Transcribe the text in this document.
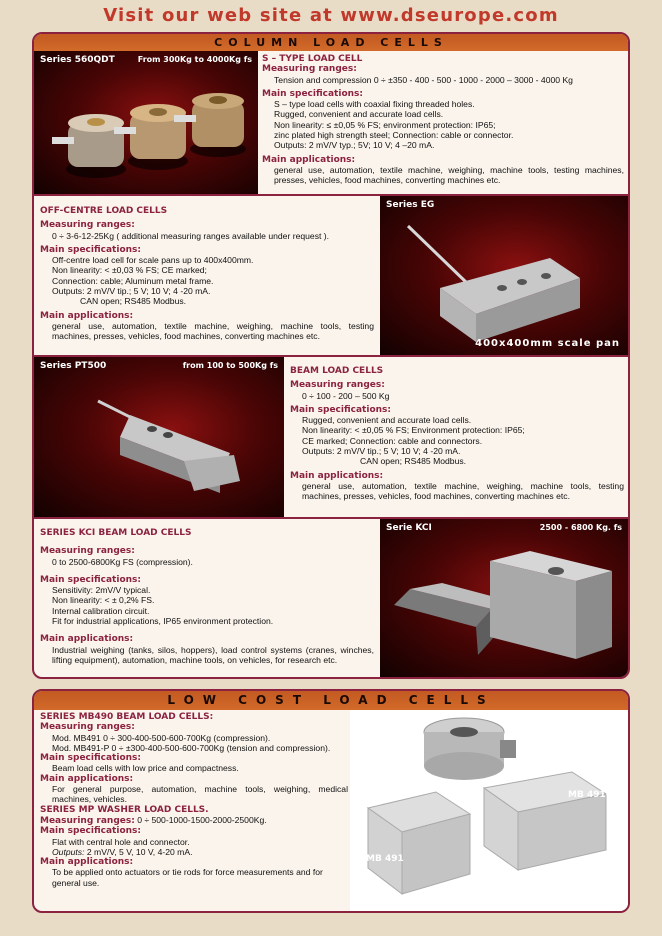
Visit our web site at www.dseurope.com
COLUMN LOAD CELLS
Series 560QDT	From 300Kg to 4000Kg fs S – TYPE LOAD CELL
Measuring ranges:
Tension and compression 0 ÷ ±350 - 400 - 500 - 1000 - 2000 – 3000 - 4000 Kg
Main specifications:
S – type load cells with coaxial fixing threaded holes.
Rugged, convenient and accurate load cells.
Non linearity: ≤ ±0,05 % FS; environment protection: IP65;
zinc plated high strength steel; Connection: cable or connector.
Outputs: 2 mV/V typ.; 5V; 10 V; 4 –20 mA.
Main applications:
general use, automation, textile machine, weighing, machine tools, testing machines, presses, vehicles, food machines, converting machines etc.
OFF-CENTRE LOAD CELLS
Measuring ranges:
0 ÷ 3-6-12-25Kg ( additional measuring ranges available under request ).
Main specifications:
Off-centre load cell for scale pans up to 400x400mm.
Non linearity: < ±0,03 % FS; CE marked;
Connection: cable; Aluminum metal frame.
Outputs: 2 mV/V tip.; 5 V; 10 V; 4 -20 mA.
CAN open; RS485 Modbus.
Main applications:
general use, automation, textile machine, weighing, machine tools, testing machines, presses, vehicles, food machines, converting machines etc.
Series EG
400x400mm scale pan
Series PT500	from 100 to 500Kg fs
BEAM LOAD CELLS
Measuring ranges:
0 ÷ 100 - 200 – 500 Kg
Main specifications:
Rugged, convenient and accurate load cells.
Non linearity: < ±0,05 % FS; Environment protection: IP65;
CE marked; Connection: cable and connectors.
Outputs: 2 mV/V tip.; 5 V; 10 V; 4 -20 mA.
CAN open; RS485 Modbus.
Main applications:
general use, automation, textile machine, weighing, machine tools, testing machines, presses, vehicles, food machines, converting machines etc.
SERIES KCI BEAM LOAD CELLS
Measuring ranges:
0 to 2500-6800Kg FS (compression).
Main specifications:
Sensitivity: 2mV/V typical.
Non linearity: < ± 0,2% FS.
Internal calibration circuit.
Fit for industrial applications, IP65 environment protection.
Main applications:
Industrial weighing (tanks, silos, hoppers), load control systems (cranes, winches, lifting equipment), automation, machine tools, on vehicles, for research etc.
Serie KCI	2500 - 6800 Kg. fs
LOW COST LOAD CELLS
SERIES MB490 BEAM LOAD CELLS:
Measuring ranges:
Mod. MB491 0 ÷ 300-400-500-600-700Kg (compression).
Mod. MB491-P 0 ÷ ±300-400-500-600-700Kg (tension and compression).
Main specifications:
Beam load cells with low price and compactness.
Main applications:
For general purpose, automation, machine tools, weighing, medical machines, vehicles.
SERIES MP WASHER LOAD CELLS.
Measuring ranges: 0 ÷ 500-1000-1500-2000-2500Kg.
Main specifications:
Flat with central hole and connector.
Outputs: 2 mV/V, 5 V, 10 V, 4-20 mA.
Main applications:
To be applied onto actuators or tie rods for force measurements and for general use.
MP
MB 491-P
MB 491
